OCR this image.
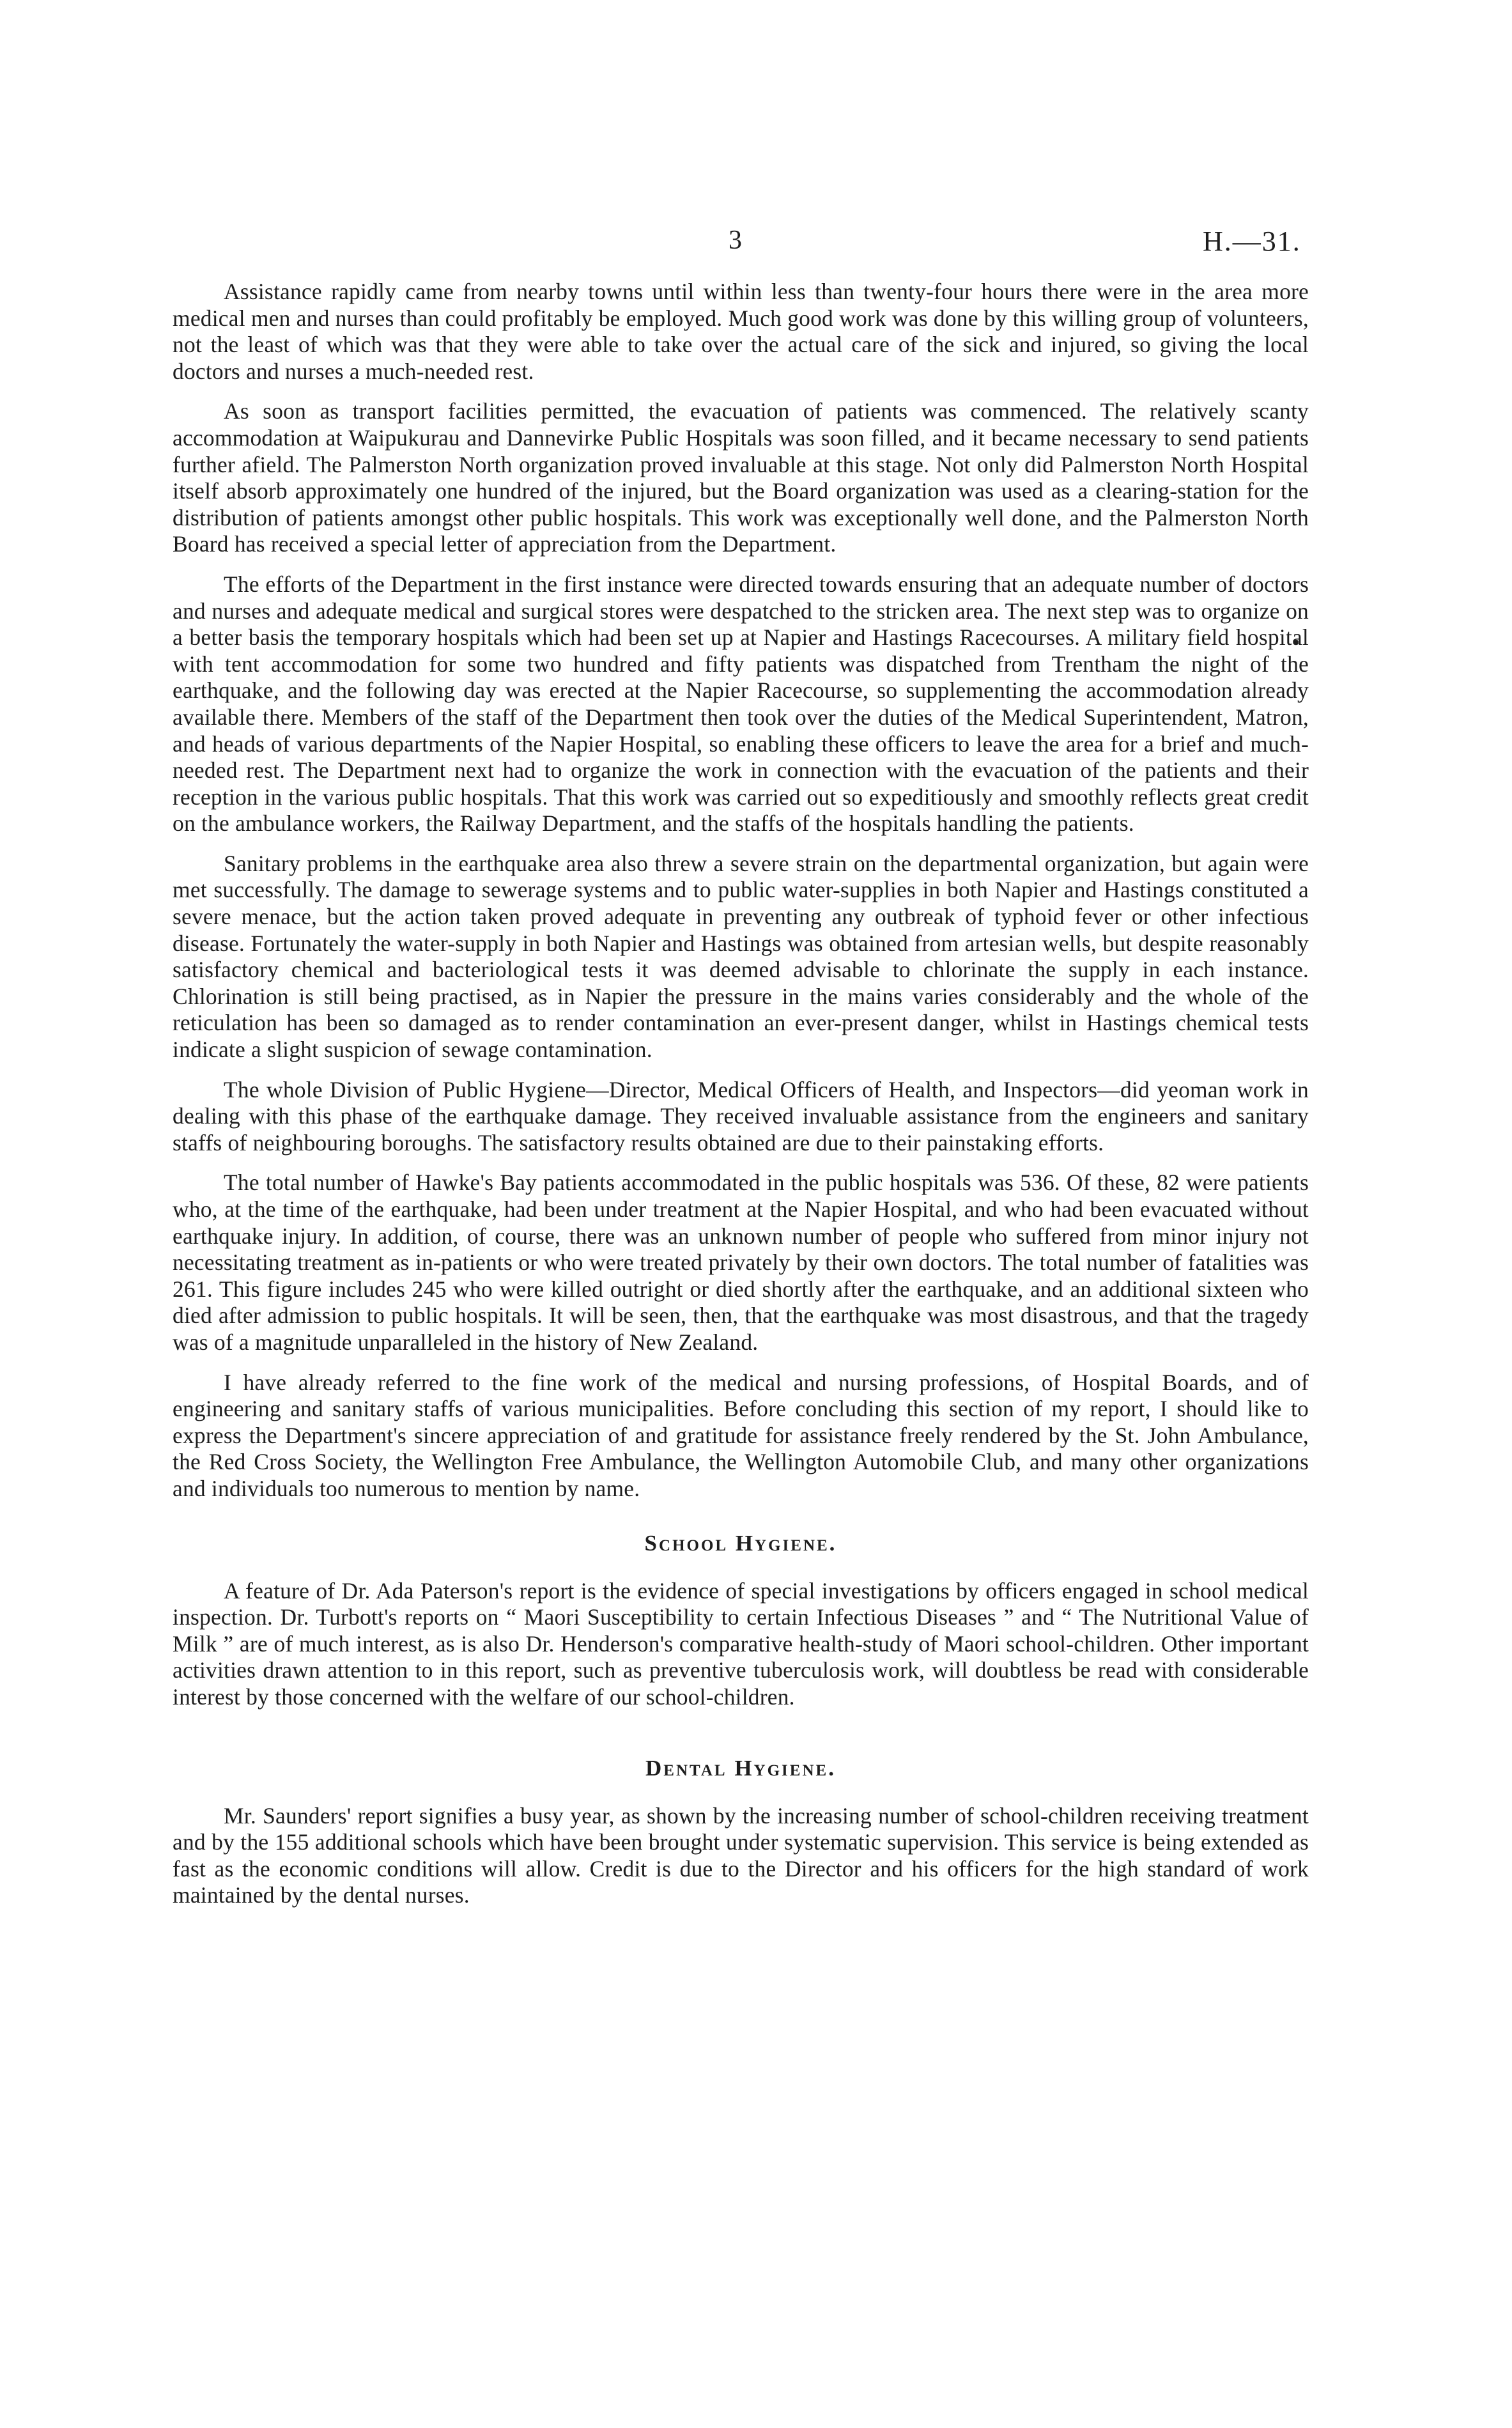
3	H.—31.

Assistance rapidly came from nearby towns until within less than twenty-four hours there were in the area more medical men and nurses than could profitably be employed. Much good work was done by this willing group of volunteers, not the least of which was that they were able to take over the actual care of the sick and injured, so giving the local doctors and nurses a much-needed rest.

As soon as transport facilities permitted, the evacuation of patients was commenced. The relatively scanty accommodation at Waipukurau and Dannevirke Public Hospitals was soon filled, and it became necessary to send patients further afield. The Palmerston North organization proved invaluable at this stage. Not only did Palmerston North Hospital itself absorb approximately one hundred of the injured, but the Board organization was used as a clearing-station for the distribution of patients amongst other public hospitals. This work was exceptionally well done, and the Palmerston North Board has received a special letter of appreciation from the Department.

The efforts of the Department in the first instance were directed towards ensuring that an adequate number of doctors and nurses and adequate medical and surgical stores were despatched to the stricken area. The next step was to organize on a better basis the temporary hospitals which had been set up at Napier and Hastings Racecourses. A military field hospital with tent accommodation for some two hundred and fifty patients was dispatched from Trentham the night of the earthquake, and the following day was erected at the Napier Racecourse, so supplementing the accommodation already available there. Members of the staff of the Department then took over the duties of the Medical Superintendent, Matron, and heads of various departments of the Napier Hospital, so enabling these officers to leave the area for a brief and much-needed rest. The Department next had to organize the work in connection with the evacuation of the patients and their reception in the various public hospitals. That this work was carried out so expeditiously and smoothly reflects great credit on the ambulance workers, the Railway Department, and the staffs of the hospitals handling the patients.

Sanitary problems in the earthquake area also threw a severe strain on the departmental organization, but again were met successfully. The damage to sewerage systems and to public water-supplies in both Napier and Hastings constituted a severe menace, but the action taken proved adequate in preventing any outbreak of typhoid fever or other infectious disease. Fortunately the water-supply in both Napier and Hastings was obtained from artesian wells, but despite reasonably satisfactory chemical and bacteriological tests it was deemed advisable to chlorinate the supply in each instance. Chlorination is still being practised, as in Napier the pressure in the mains varies considerably and the whole of the reticulation has been so damaged as to render contamination an ever-present danger, whilst in Hastings chemical tests indicate a slight suspicion of sewage contamination.

The whole Division of Public Hygiene—Director, Medical Officers of Health, and Inspectors—did yeoman work in dealing with this phase of the earthquake damage. They received invaluable assistance from the engineers and sanitary staffs of neighbouring boroughs. The satisfactory results obtained are due to their painstaking efforts.

The total number of Hawke's Bay patients accommodated in the public hospitals was 536. Of these, 82 were patients who, at the time of the earthquake, had been under treatment at the Napier Hospital, and who had been evacuated without earthquake injury. In addition, of course, there was an unknown number of people who suffered from minor injury not necessitating treatment as in-patients or who were treated privately by their own doctors. The total number of fatalities was 261. This figure includes 245 who were killed outright or died shortly after the earthquake, and an additional sixteen who died after admission to public hospitals. It will be seen, then, that the earthquake was most disastrous, and that the tragedy was of a magnitude unparalleled in the history of New Zealand.

I have already referred to the fine work of the medical and nursing professions, of Hospital Boards, and of engineering and sanitary staffs of various municipalities. Before concluding this section of my report, I should like to express the Department's sincere appreciation of and gratitude for assistance freely rendered by the St. John Ambulance, the Red Cross Society, the Wellington Free Ambulance, the Wellington Automobile Club, and many other organizations and individuals too numerous to mention by name.

School Hygiene.

A feature of Dr. Ada Paterson's report is the evidence of special investigations by officers engaged in school medical inspection. Dr. Turbott's reports on “ Maori Susceptibility to certain Infectious Diseases ” and “ The Nutritional Value of Milk ” are of much interest, as is also Dr. Henderson's comparative health-study of Maori school-children. Other important activities drawn attention to in this report, such as preventive tuberculosis work, will doubtless be read with considerable interest by those concerned with the welfare of our school-children.

Dental Hygiene.

Mr. Saunders' report signifies a busy year, as shown by the increasing number of school-children receiving treatment and by the 155 additional schools which have been brought under systematic supervision. This service is being extended as fast as the economic conditions will allow. Credit is due to the Director and his officers for the high standard of work maintained by the dental nurses.
